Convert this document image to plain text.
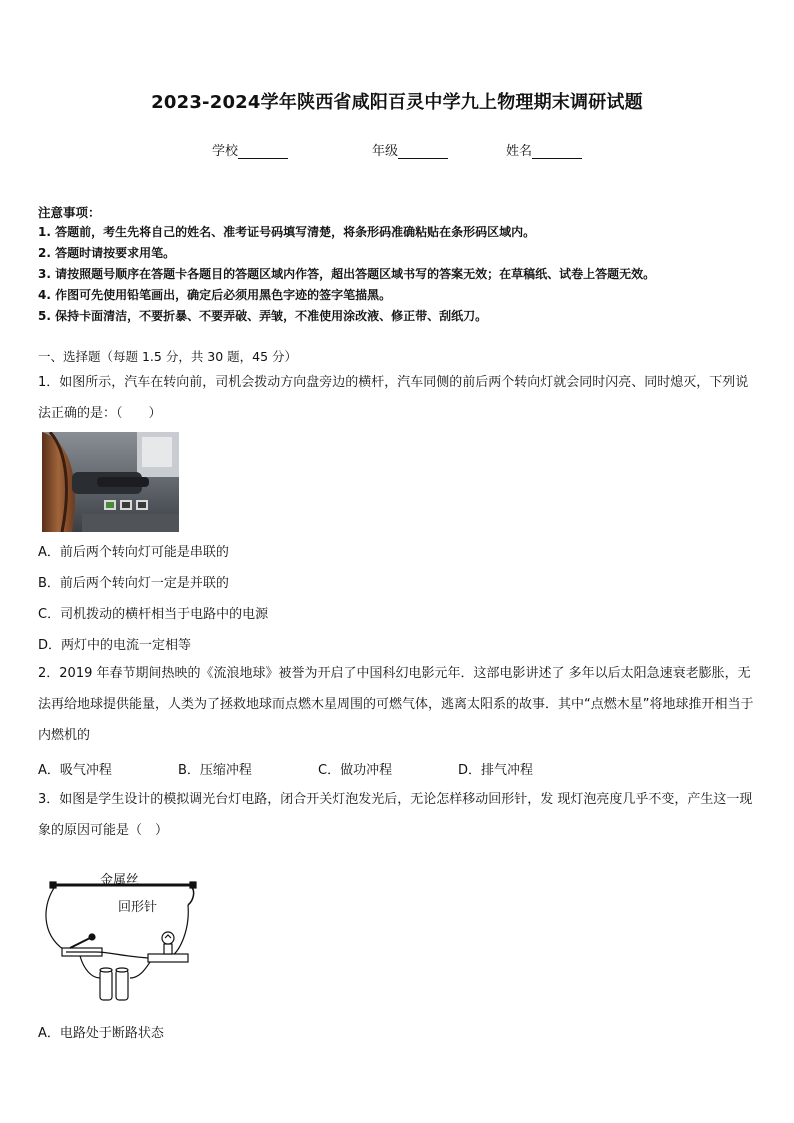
2023-2024学年陕西省咸阳百灵中学九上物理期末调研试题
学校	年级	姓名
注意事项：
1. 答题前，考生先将自己的姓名、准考证号码填写清楚，将条形码准确粘贴在条形码区域内。
2. 答题时请按要求用笔。
3. 请按照题号顺序在答题卡各题目的答题区域内作答，超出答题区域书写的答案无效；在草稿纸、试卷上答题无效。
4. 作图可先使用铅笔画出，确定后必须用黑色字迹的签字笔描黑。
5. 保持卡面清洁，不要折暴、不要弄破、弄皱，不准使用涂改液、修正带、刮纸刀。
一、选择题（每题 1.5 分，共 30 题，45 分）
1．如图所示，汽车在转向前，司机会拨动方向盘旁边的横杆，汽车同侧的前后两个转向灯就会同时闪亮、同时熄灭，下列说法正确的是：（　　）
A．前后两个转向灯可能是串联的
B．前后两个转向灯一定是并联的
C．司机拨动的横杆相当于电路中的电源
D．两灯中的电流一定相等
2．2019 年春节期间热映的《流浪地球》被誉为开启了中国科幻电影元年．这部电影讲述了 多年以后太阳急速衰老膨胀，无法再给地球提供能量，人类为了拯救地球而点燃木星周围的可燃气体，逃离太阳系的故事．其中“点燃木星”将地球推开相当于内燃机的
A．吸气冲程	B．压缩冲程	C．做功冲程	D．排气冲程
3．如图是学生设计的模拟调光台灯电路，闭合开关灯泡发光后，无论怎样移动回形针，发 现灯泡亮度几乎不变，产生这一现象的原因可能是（　）
金属丝
回形针
A．电路处于断路状态
